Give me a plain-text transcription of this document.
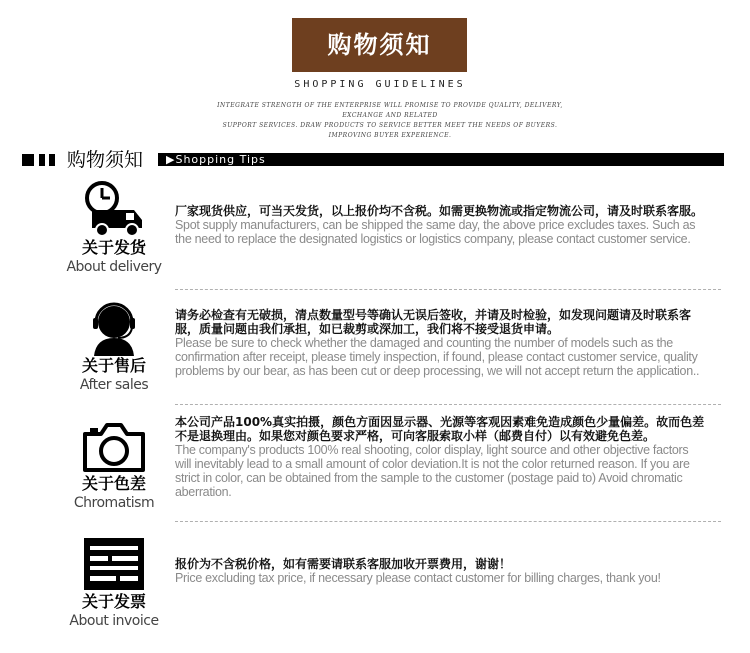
购物须知
SHOPPING GUIDELINES
INTEGRATE STRENGTH OF THE ENTERPRISE WILL PROMISE TO PROVIDE QUALITY, DELIVERY, EXCHANGE AND RELATED
SUPPORT SERVICES. DRAW PRODUCTS TO SERVICE BETTER MEET THE NEEDS OF BUYERS. IMPROVING BUYER EXPERIENCE.
购物须知 ▶Shopping Tips
关于发货
About delivery
厂家现货供应，可当天发货，以上报价均不含税。如需更换物流或指定物流公司，请及时联系客服。
Spot supply manufacturers, can be shipped the same day, the above price excludes taxes. Such as the need to replace the designated logistics or logistics company, please contact customer service.
关于售后
After sales
请务必检查有无破损，清点数量型号等确认无误后签收，并请及时检验，如发现问题请及时联系客服，质量问题由我们承担，如已裁剪或深加工，我们将不接受退货申请。
Please be sure to check whether the damaged and counting the number of models such as the confirmation after receipt, please timely inspection, if found, please contact customer service, quality problems by our bear, as has been cut or deep processing, we will not accept return the application..
关于色差
Chromatism
本公司产品100%真实拍摄，颜色方面因显示器、光源等客观因素难免造成颜色少量偏差。故而色差不是退换理由。如果您对颜色要求严格，可向客服索取小样（邮费自付）以有效避免色差。
The company's products 100% real shooting, color display, light source and other objective factors will inevitably lead to a small amount of color deviation.It is not the color returned reason. If you are strict in color, can be obtained from the sample to the customer (postage paid to) Avoid chromatic aberration.
关于发票
About invoice
报价为不含税价格，如有需要请联系客服加收开票费用，谢谢！
Price excluding tax price, if necessary please contact customer for billing charges, thank you!
